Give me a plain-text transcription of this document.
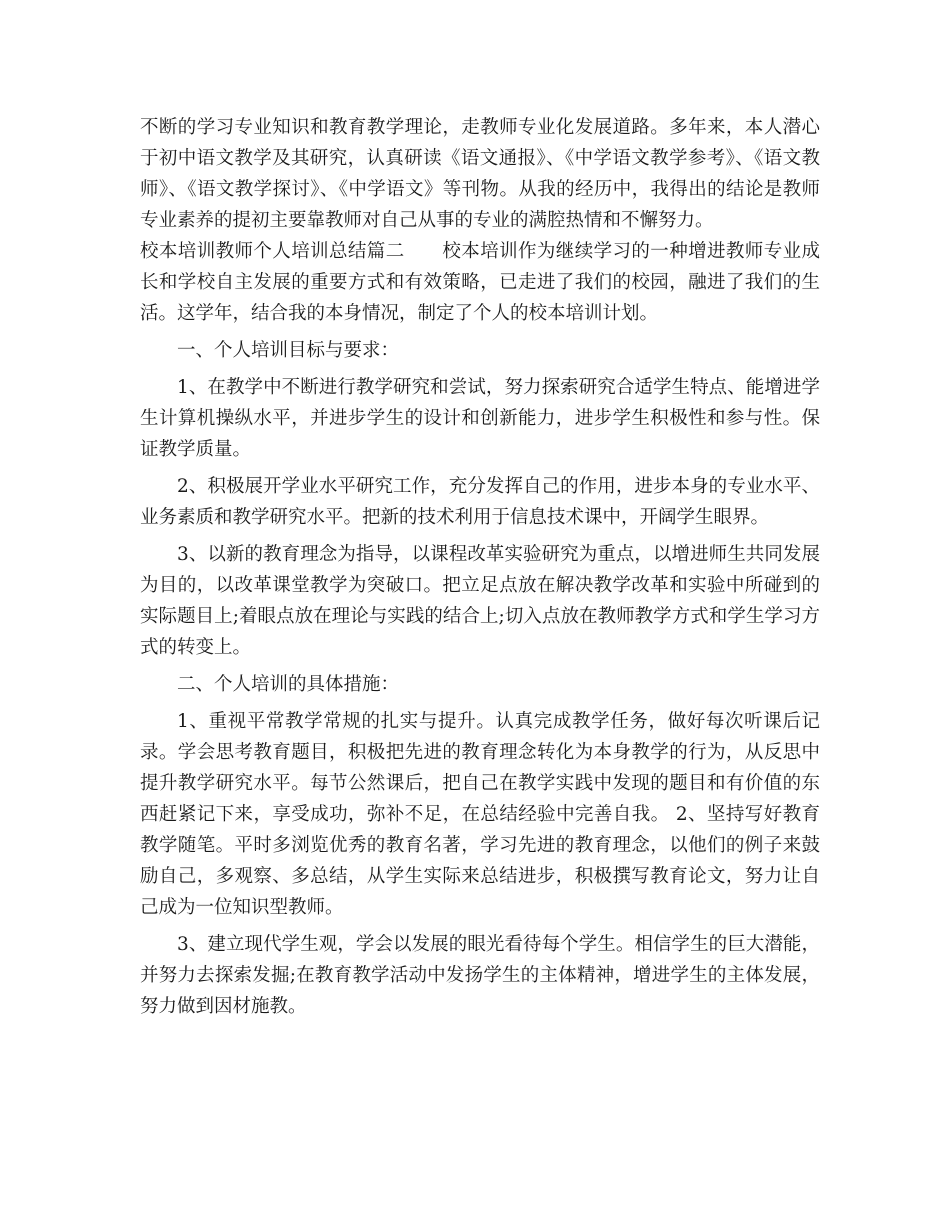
不断的学习专业知识和教育教学理论，走教师专业化发展道路。多年来，本人潜心于初中语文教学及其研究，认真研读《语文通报》、《中学语文教学参考》、《语文教师》、《语文教学探讨》、《中学语文》等刊物。从我的经历中，我得出的结论是教师专业素养的提初主要靠教师对自己从事的专业的满腔热情和不懈努力。

校本培训教师个人培训总结篇二　　校本培训作为继续学习的一种增进教师专业成长和学校自主发展的重要方式和有效策略，已走进了我们的校园，融进了我们的生活。这学年，结合我的本身情况，制定了个人的校本培训计划。

一、个人培训目标与要求：

1、在教学中不断进行教学研究和尝试，努力探索研究合适学生特点、能增进学生计算机操纵水平，并进步学生的设计和创新能力，进步学生积极性和参与性。保证教学质量。

2、积极展开学业水平研究工作，充分发挥自己的作用，进步本身的专业水平、业务素质和教学研究水平。把新的技术利用于信息技术课中，开阔学生眼界。

3、以新的教育理念为指导，以课程改革实验研究为重点，以增进师生共同发展为目的，以改革课堂教学为突破口。把立足点放在解决教学改革和实验中所碰到的实际题目上;着眼点放在理论与实践的结合上;切入点放在教师教学方式和学生学习方式的转变上。

二、个人培训的具体措施：

1、重视平常教学常规的扎实与提升。认真完成教学任务，做好每次听课后记录。学会思考教育题目，积极把先进的教育理念转化为本身教学的行为，从反思中提升教学研究水平。每节公然课后，把自己在教学实践中发现的题目和有价值的东西赶紧记下来，享受成功，弥补不足，在总结经验中完善自我。 2、坚持写好教育教学随笔。平时多浏览优秀的教育名著，学习先进的教育理念，以他们的例子来鼓励自己，多观察、多总结，从学生实际来总结进步，积极撰写教育论文，努力让自己成为一位知识型教师。

3、建立现代学生观，学会以发展的眼光看待每个学生。相信学生的巨大潜能，并努力去探索发掘;在教育教学活动中发扬学生的主体精神，增进学生的主体发展，努力做到因材施教。
